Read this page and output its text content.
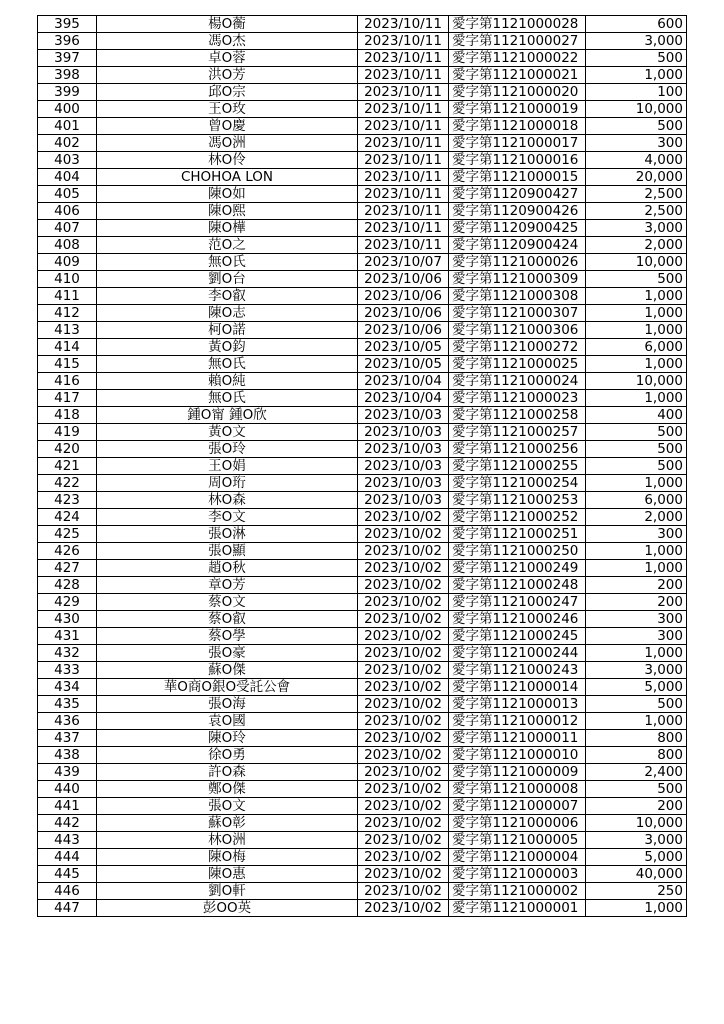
395	楊O蘅	2023/10/11	愛字第1121000028	600
396	馮O杰	2023/10/11	愛字第1121000027	3,000
397	卓O蓉	2023/10/11	愛字第1121000022	500
398	洪O芳	2023/10/11	愛字第1121000021	1,000
399	邱O宗	2023/10/11	愛字第1121000020	100
400	王O玫	2023/10/11	愛字第1121000019	10,000
401	曾O慶	2023/10/11	愛字第1121000018	500
402	馮O洲	2023/10/11	愛字第1121000017	300
403	林O伶	2023/10/11	愛字第1121000016	4,000
404	CHOHOA LON	2023/10/11	愛字第1121000015	20,000
405	陳O如	2023/10/11	愛字第1120900427	2,500
406	陳O熙	2023/10/11	愛字第1120900426	2,500
407	陳O樺	2023/10/11	愛字第1120900425	3,000
408	范O之	2023/10/11	愛字第1120900424	2,000
409	無O氏	2023/10/07	愛字第1121000026	10,000
410	劉O台	2023/10/06	愛字第1121000309	500
411	李O叡	2023/10/06	愛字第1121000308	1,000
412	陳O志	2023/10/06	愛字第1121000307	1,000
413	柯O諾	2023/10/06	愛字第1121000306	1,000
414	黃O鈞	2023/10/05	愛字第1121000272	6,000
415	無O氏	2023/10/05	愛字第1121000025	1,000
416	賴O純	2023/10/04	愛字第1121000024	10,000
417	無O氏	2023/10/04	愛字第1121000023	1,000
418	鍾O甯 鍾O欣	2023/10/03	愛字第1121000258	400
419	黃O文	2023/10/03	愛字第1121000257	500
420	張O玲	2023/10/03	愛字第1121000256	500
421	王O娟	2023/10/03	愛字第1121000255	500
422	周O珩	2023/10/03	愛字第1121000254	1,000
423	林O森	2023/10/03	愛字第1121000253	6,000
424	李O文	2023/10/02	愛字第1121000252	2,000
425	張O淋	2023/10/02	愛字第1121000251	300
426	張O顯	2023/10/02	愛字第1121000250	1,000
427	趙O秋	2023/10/02	愛字第1121000249	1,000
428	章O芳	2023/10/02	愛字第1121000248	200
429	蔡O文	2023/10/02	愛字第1121000247	200
430	蔡O叡	2023/10/02	愛字第1121000246	300
431	蔡O學	2023/10/02	愛字第1121000245	300
432	張O豪	2023/10/02	愛字第1121000244	1,000
433	蘇O傑	2023/10/02	愛字第1121000243	3,000
434	華O商O銀O受託公會	2023/10/02	愛字第1121000014	5,000
435	張O海	2023/10/02	愛字第1121000013	500
436	袁O國	2023/10/02	愛字第1121000012	1,000
437	陳O玲	2023/10/02	愛字第1121000011	800
438	徐O勇	2023/10/02	愛字第1121000010	800
439	許O森	2023/10/02	愛字第1121000009	2,400
440	鄭O傑	2023/10/02	愛字第1121000008	500
441	張O文	2023/10/02	愛字第1121000007	200
442	蘇O彰	2023/10/02	愛字第1121000006	10,000
443	林O洲	2023/10/02	愛字第1121000005	3,000
444	陳O梅	2023/10/02	愛字第1121000004	5,000
445	陳O惠	2023/10/02	愛字第1121000003	40,000
446	劉O軒	2023/10/02	愛字第1121000002	250
447	彭OO英	2023/10/02	愛字第1121000001	1,000
